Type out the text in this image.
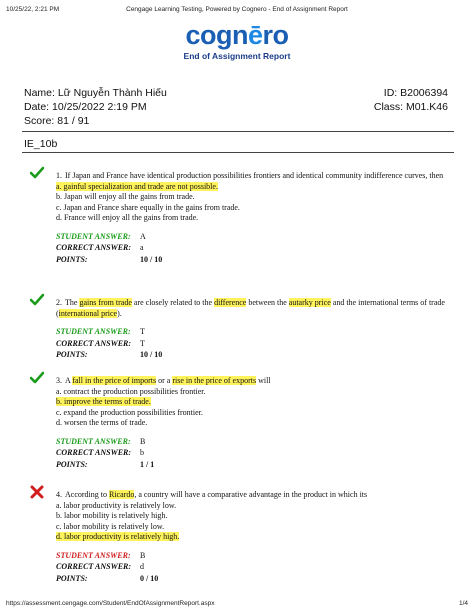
10/25/22, 2:21 PM	Cengage Learning Testing, Powered by Cognero - End of Assignment Report
cognēro
End of Assignment Report
Name: Lữ Nguyễn Thành Hiếu
Date: 10/25/2022 2:19 PM
Score: 81 / 91
ID: B2006394
Class: M01.K46
IE_10b
1. If Japan and France have identical production possibilities frontiers and identical community indifference curves, then
a. gainful specialization and trade are not possible.
b. Japan will enjoy all the gains from trade.
c. Japan and France share equally in the gains from trade.
d. France will enjoy all the gains from trade.
STUDENT ANSWER:	A
CORRECT ANSWER:	a
POINTS:	10 / 10
2. The gains from trade are closely related to the difference between the autarky price and the international terms of trade (international price).
STUDENT ANSWER:	T
CORRECT ANSWER:	T
POINTS:	10 / 10
3. A fall in the price of imports or a rise in the price of exports will
a. contract the production possibilities frontier.
b. improve the terms of trade.
c. expand the production possibilities frontier.
d. worsen the terms of trade.
STUDENT ANSWER:	B
CORRECT ANSWER:	b
POINTS:	1 / 1
4. According to Ricardo, a country will have a comparative advantage in the product in which its
a. labor productivity is relatively low.
b. labor mobility is relatively high.
c. labor mobility is relatively low.
d. labor productivity is relatively high.
STUDENT ANSWER:	B
CORRECT ANSWER:	d
POINTS:	0 / 10
https://assessment.cengage.com/Student/EndOfAssignmentReport.aspx	1/4
